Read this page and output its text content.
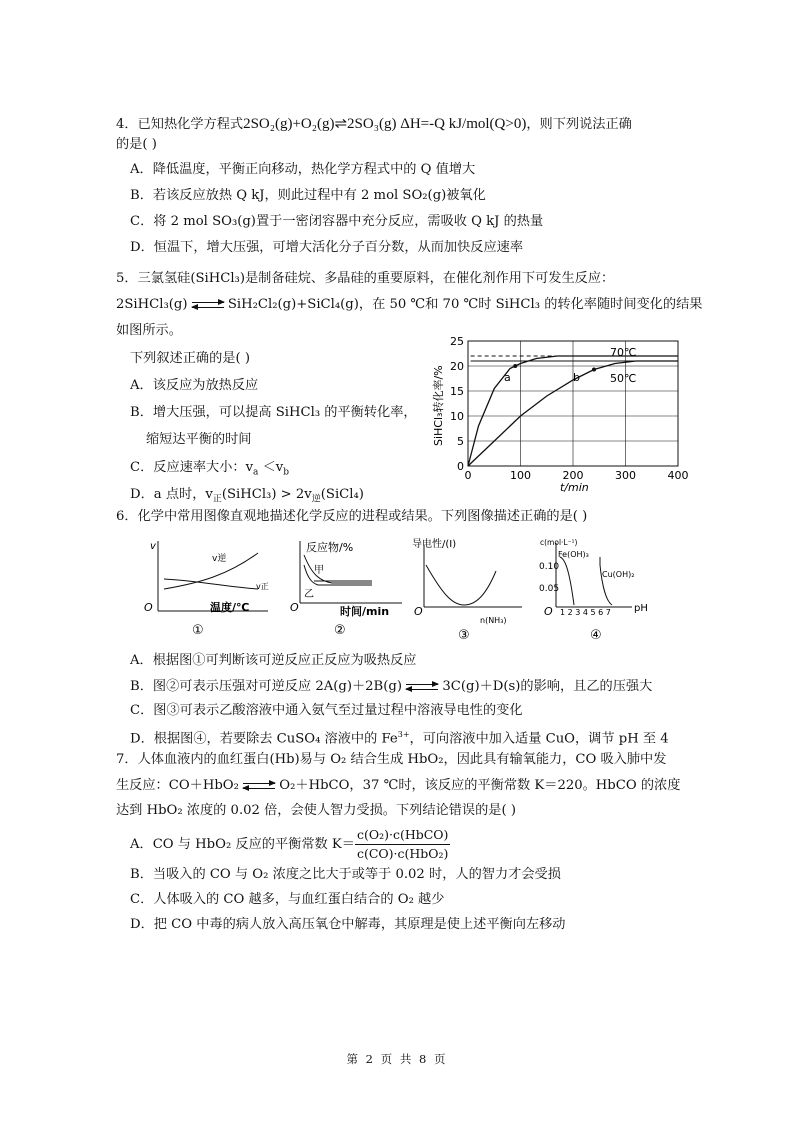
4．已知热化学方程式2SO₂(g)+O₂(g)⇌2SO₃(g) ΔH=-Q kJ/mol(Q>0)，则下列说法正确
的是( )
A．降低温度，平衡正向移动，热化学方程式中的 Q 值增大
B．若该反应放热 Q kJ，则此过程中有 2 mol SO₂(g)被氧化
C．将 2 mol SO₃(g)置于一密闭容器中充分反应，需吸收 Q kJ 的热量
D．恒温下，增大压强，可增大活化分子百分数，从而加快反应速率
5．三氯氢硅(SiHCl₃)是制备硅烷、多晶硅的重要原料，在催化剂作用下可发生反应：
2SiHCl₃(g)	SiH₂Cl₂(g)+SiCl₄(g)，在 50 ℃和 70 ℃时 SiHCl₃ 的转化率随时间变化的结果
如图所示。
下列叙述正确的是( )
A．该反应为放热反应
B．增大压强，可以提高 SiHCl₃ 的平衡转化率，
缩短达平衡的时间
C．反应速率大小：$v_a <v_b$
D．a 点时，$v_正(SiHCl_3)$ > $2v_逆(SiCl_4)$
SiHCl₃转化率/%
0
5
10
15
20
25
0	100	200	300	400
t/min
70℃
50℃
a	b
6．化学中常用图像直观地描述化学反应的进程或结果。下列图像描述正确的是( )
v
v逆
v正
O	温度/℃
①
反应物/%
甲
乙
O	时间/min
②
导电性/(I)
O
n(NH₃)
③
c(mol·L⁻¹)
0.10
0.05
Fe(OH)₃
Cu(OH)₂
O 1 2 3 4 5 6 7 pH
④
A．根据图①可判断该可逆反应正反应为吸热反应
B．图②可表示压强对可逆反应 2A(g)＋2B(g)	3C(g)＋D(s)的影响，且乙的压强大
C．图③可表示乙酸溶液中通入氨气至过量过程中溶液导电性的变化
D．根据图④，若要除去 CuSO₄ 溶液中的 $Fe^{3+}$，可向溶液中加入适量 CuO，调节 pH 至 4
7．人体血液内的血红蛋白(Hb)易与 O₂ 结合生成 HbO₂，因此具有输氧能力，CO 吸入肺中发
生反应：CO＋HbO₂	O₂＋HbCO，37 ℃时，该反应的平衡常数 K＝220。HbCO 的浓度
达到 HbO₂ 浓度的 0.02 倍，会使人智力受损。下列结论错误的是( )
A．CO 与 HbO₂ 反应的平衡常数 $K= \frac{\text{c(O₂)·c(HbCO)}}{\text{c(CO)·c(HbO₂)}}$
B．当吸入的 CO 与 O₂ 浓度之比大于或等于 0.02 时，人的智力才会受损
C．人体吸入的 CO 越多，与血红蛋白结合的 O₂ 越少
D．把 CO 中毒的病人放入高压氧仓中解毒，其原理是使上述平衡向左移动
第 2 页 共 8 页
